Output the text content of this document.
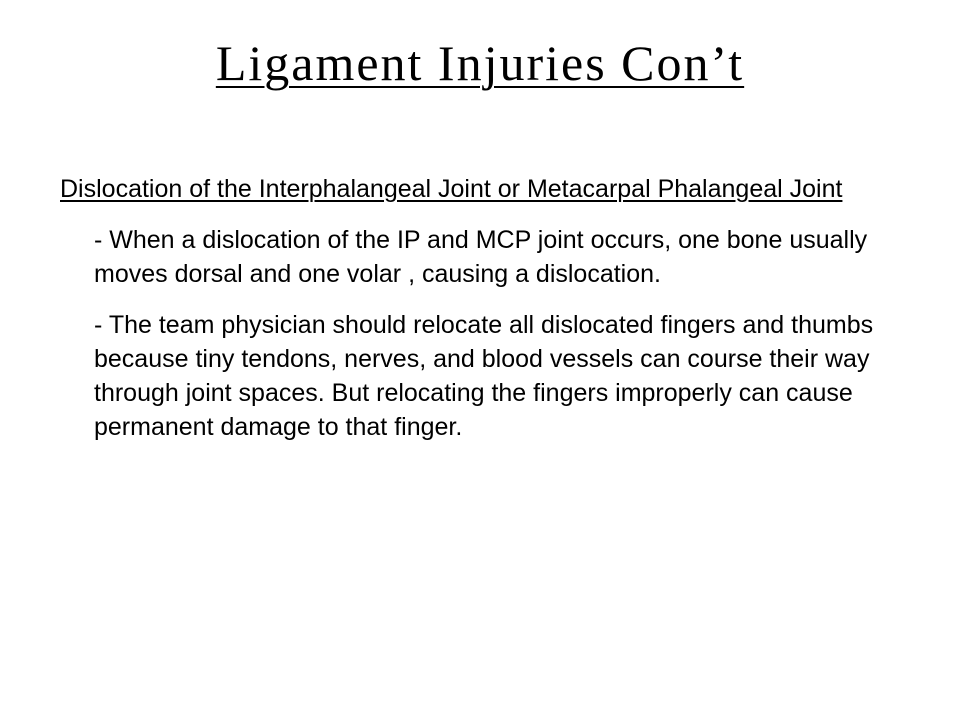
Ligament Injuries Con’t

Dislocation of the Interphalangeal Joint or Metacarpal Phalangeal Joint

- When a dislocation of the IP and MCP joint occurs, one bone usually moves dorsal and one volar , causing a dislocation.

- The team physician should relocate all dislocated fingers and thumbs because tiny tendons, nerves, and blood vessels can course their way through joint spaces. But relocating the fingers improperly can cause permanent damage to that finger.
